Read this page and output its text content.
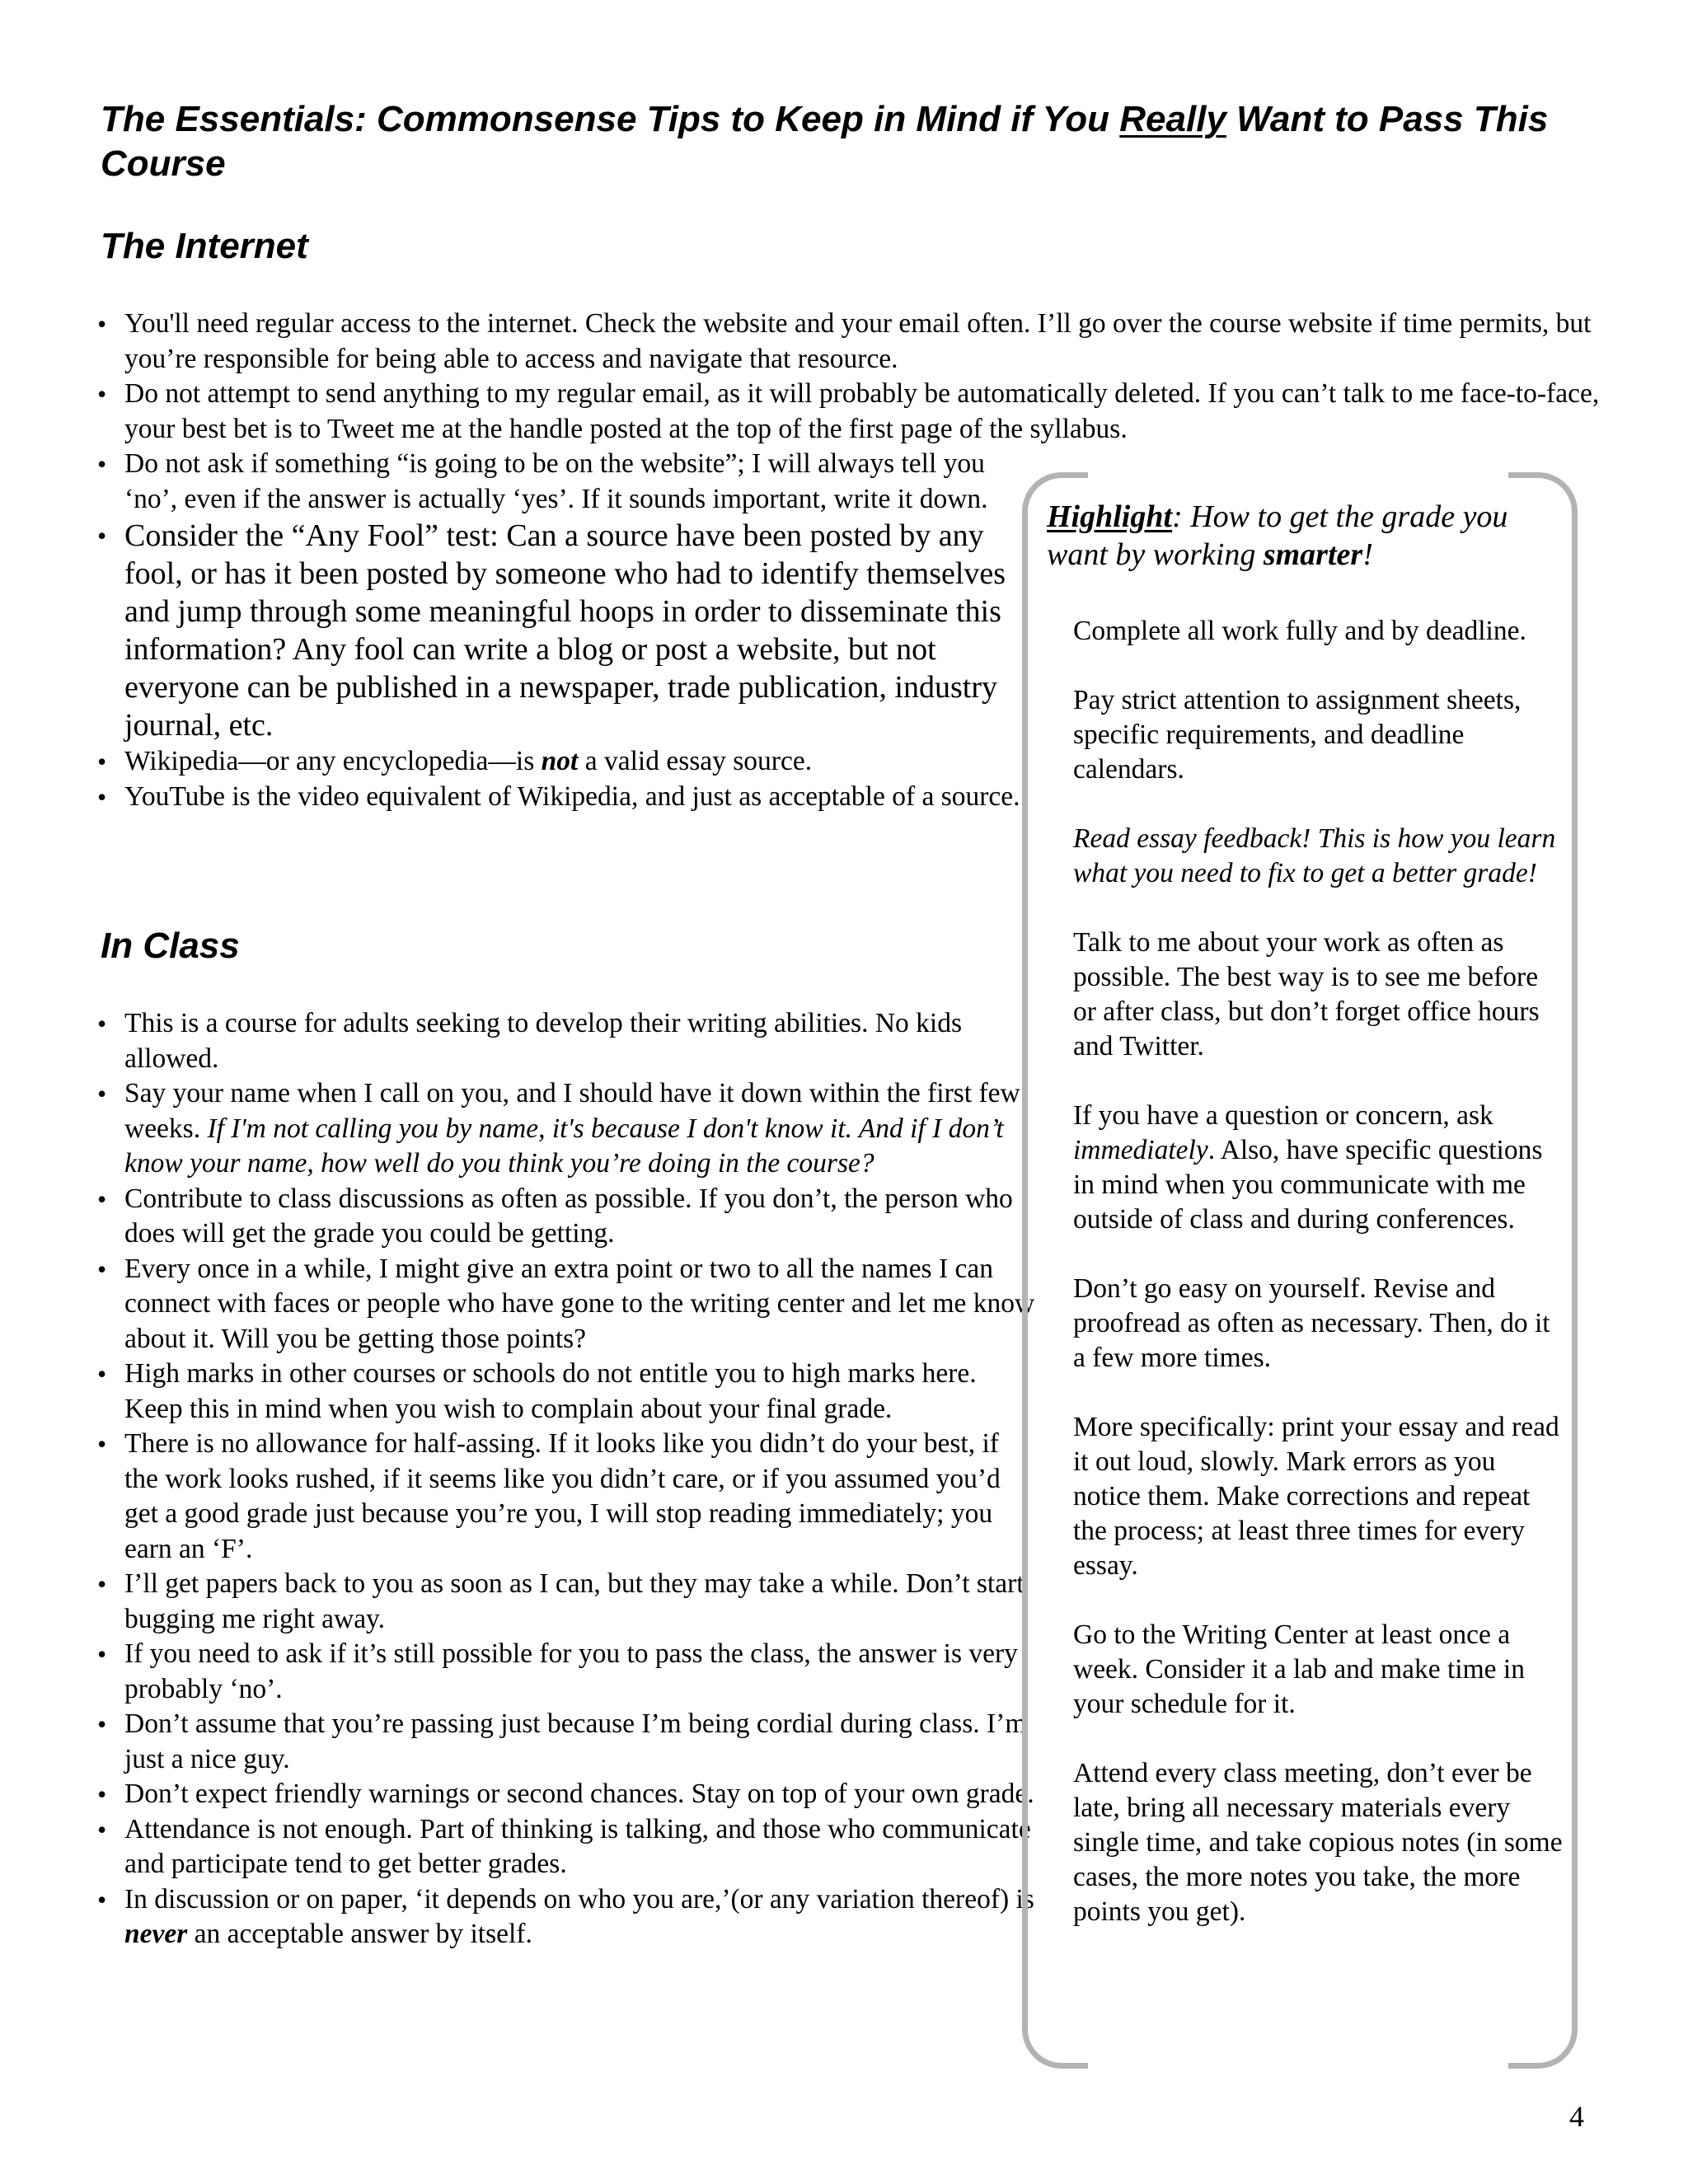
The Essentials: Commonsense Tips to Keep in Mind if You Really Want to Pass This Course
The Internet
• You'll need regular access to the internet. Check the website and your email often. I’ll go over the course website if time permits, but you’re responsible for being able to access and navigate that resource.
• Do not attempt to send anything to my regular email, as it will probably be automatically deleted. If you can’t talk to me face-to-face, your best bet is to Tweet me at the handle posted at the top of the first page of the syllabus.
• Do not ask if something “is going to be on the website”; I will always tell you ‘no’, even if the answer is actually ‘yes’. If it sounds important, write it down.
• Consider the “Any Fool” test: Can a source have been posted by any fool, or has it been posted by someone who had to identify themselves and jump through some meaningful hoops in order to disseminate this information? Any fool can write a blog or post a website, but not everyone can be published in a newspaper, trade publication, industry journal, etc.
• Wikipedia—or any encyclopedia—is not a valid essay source.
• YouTube is the video equivalent of Wikipedia, and just as acceptable of a source.
In Class
• This is a course for adults seeking to develop their writing abilities. No kids allowed.
• Say your name when I call on you, and I should have it down within the first few weeks. If I'm not calling you by name, it's because I don't know it. And if I don’t know your name, how well do you think you’re doing in the course?
• Contribute to class discussions as often as possible. If you don’t, the person who does will get the grade you could be getting.
• Every once in a while, I might give an extra point or two to all the names I can connect with faces or people who have gone to the writing center and let me know about it. Will you be getting those points?
• High marks in other courses or schools do not entitle you to high marks here. Keep this in mind when you wish to complain about your final grade.
• There is no allowance for half-assing. If it looks like you didn’t do your best, if the work looks rushed, if it seems like you didn’t care, or if you assumed you’d get a good grade just because you’re you, I will stop reading immediately; you earn an ‘F’.
• I’ll get papers back to you as soon as I can, but they may take a while. Don’t start bugging me right away.
• If you need to ask if it’s still possible for you to pass the class, the answer is very probably ‘no’.
• Don’t assume that you’re passing just because I’m being cordial during class. I’m just a nice guy.
• Don’t expect friendly warnings or second chances. Stay on top of your own grade.
• Attendance is not enough. Part of thinking is talking, and those who communicate and participate tend to get better grades.
• In discussion or on paper, ‘it depends on who you are,’(or any variation thereof) is never an acceptable answer by itself.

Highlight: How to get the grade you want by working smarter!

Complete all work fully and by deadline.

Pay strict attention to assignment sheets, specific requirements, and deadline calendars.

Read essay feedback! This is how you learn what you need to fix to get a better grade!

Talk to me about your work as often as possible. The best way is to see me before or after class, but don’t forget office hours and Twitter.

If you have a question or concern, ask immediately. Also, have specific questions in mind when you communicate with me outside of class and during conferences.

Don’t go easy on yourself. Revise and proofread as often as necessary. Then, do it a few more times.

More specifically: print your essay and read it out loud, slowly. Mark errors as you notice them. Make corrections and repeat the process; at least three times for every essay.

Go to the Writing Center at least once a week. Consider it a lab and make time in your schedule for it.

Attend every class meeting, don’t ever be late, bring all necessary materials every single time, and take copious notes (in some cases, the more notes you take, the more points you get).

4
